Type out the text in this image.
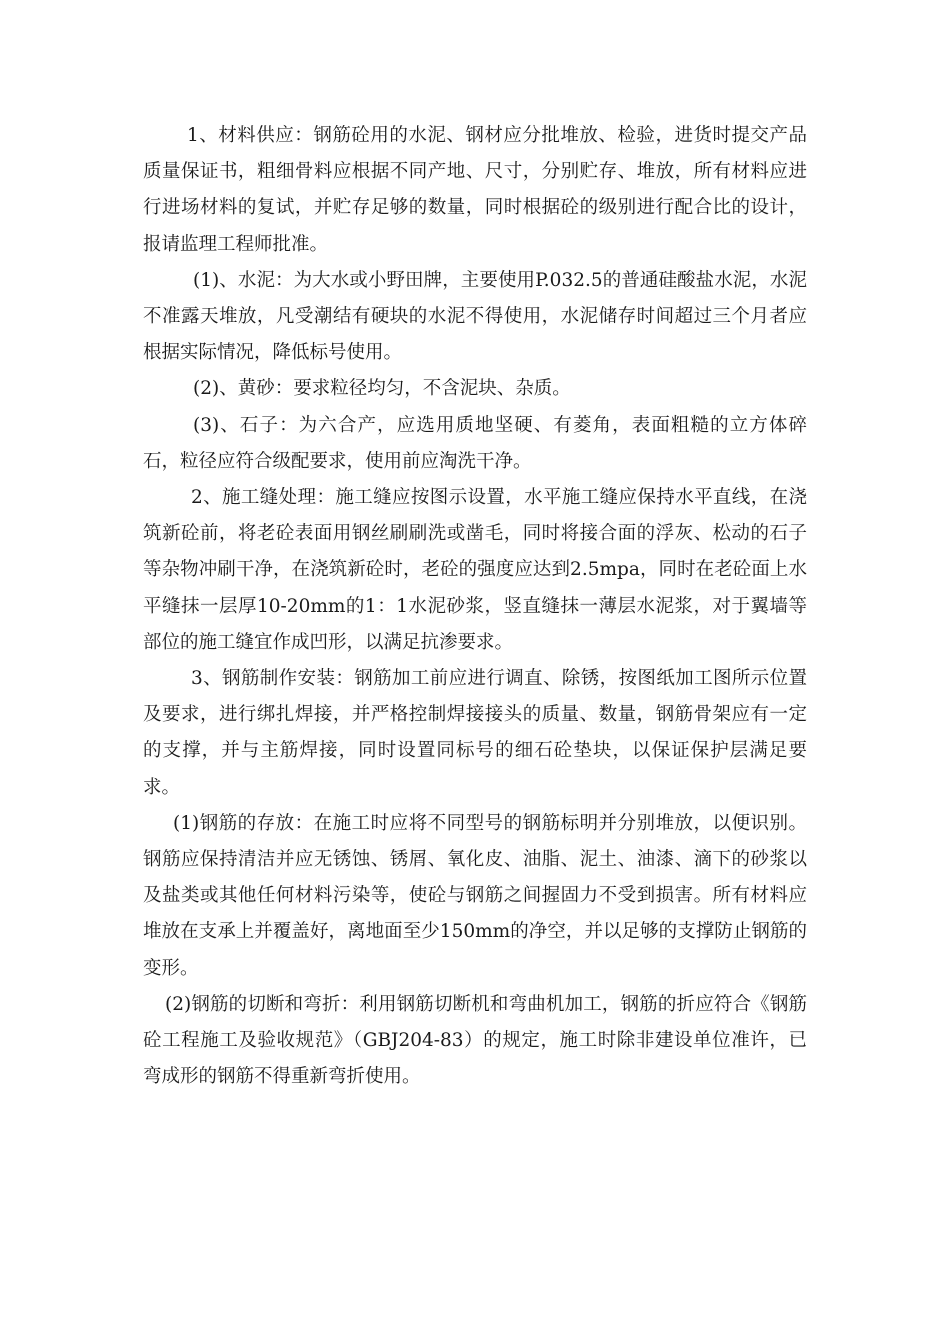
1、材料供应：钢筋砼用的水泥、钢材应分批堆放、检验，进货时提交产品质量保证书，粗细骨料应根据不同产地、尺寸，分别贮存、堆放，所有材料应进行进场材料的复试，并贮存足够的数量，同时根据砼的级别进行配合比的设计，报请监理工程师批准。

(1)、水泥：为大水或小野田牌，主要使用P.032.5的普通硅酸盐水泥，水泥不准露天堆放，凡受潮结有硬块的水泥不得使用，水泥储存时间超过三个月者应根据实际情况，降低标号使用。

(2)、黄砂：要求粒径均匀，不含泥块、杂质。

(3)、石子：为六合产，应选用质地坚硬、有菱角，表面粗糙的立方体碎石，粒径应符合级配要求，使用前应淘洗干净。

2、施工缝处理：施工缝应按图示设置，水平施工缝应保持水平直线，在浇筑新砼前，将老砼表面用钢丝刷刷洗或凿毛，同时将接合面的浮灰、松动的石子等杂物冲刷干净，在浇筑新砼时，老砼的强度应达到2.5mpa，同时在老砼面上水平缝抹一层厚10-20mm的1：1水泥砂浆，竖直缝抹一薄层水泥浆，对于翼墙等部位的施工缝宜作成凹形，以满足抗渗要求。

3、钢筋制作安装：钢筋加工前应进行调直、除锈，按图纸加工图所示位置及要求，进行绑扎焊接，并严格控制焊接接头的质量、数量，钢筋骨架应有一定的支撑，并与主筋焊接，同时设置同标号的细石砼垫块，以保证保护层满足要求。

(1)钢筋的存放：在施工时应将不同型号的钢筋标明并分别堆放，以便识别。钢筋应保持清洁并应无锈蚀、锈屑、氧化皮、油脂、泥土、油漆、滴下的砂浆以及盐类或其他任何材料污染等，使砼与钢筋之间握固力不受到损害。所有材料应堆放在支承上并覆盖好，离地面至少150mm的净空，并以足够的支撑防止钢筋的变形。

(2)钢筋的切断和弯折：利用钢筋切断机和弯曲机加工，钢筋的折应符合《钢筋砼工程施工及验收规范》（GBJ204-83）的规定，施工时除非建设单位准许，已弯成形的钢筋不得重新弯折使用。
